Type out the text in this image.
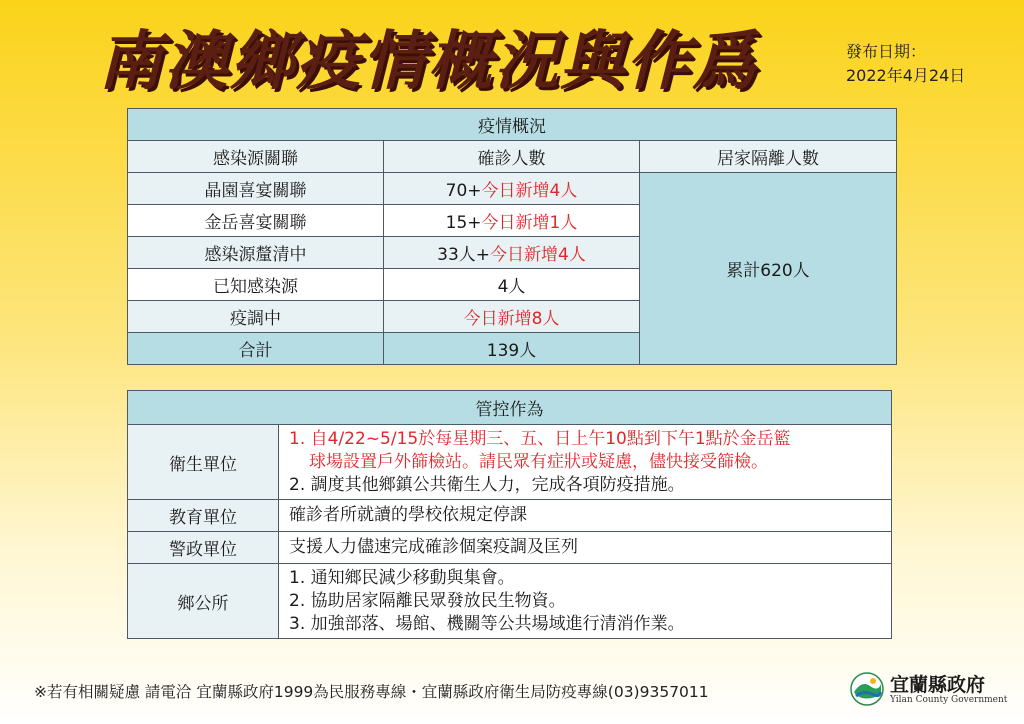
南澳鄉疫情概況與作爲	發布日期：
2022年4月24日
疫情概況		
感染源關聯	確診人數	居家隔離人數
晶園喜宴關聯	70+今日新增4人	累計620人
金岳喜宴關聯	15+今日新增1人	
感染源釐清中	33人+今日新增4人	
已知感染源	4人	
疫調中	今日新增8人	
合計	139人	
管控作為	
衛生單位	1. 自4/22~5/15於每星期三、五、日上午10點到下午1點於金岳籃
球場設置戶外篩檢站。請民眾有症狀或疑慮，儘快接受篩檢。
2. 調度其他鄉鎮公共衛生人力，完成各項防疫措施。

教育單位	確診者所就讀的學校依規定停課
警政單位	支援人力儘速完成確診個案疫調及匡列
鄉公所	1. 通知鄉民減少移動與集會。
2. 協助居家隔離民眾發放民生物資。
3. 加強部落、場館、機關等公共場域進行清消作業。
※若有相關疑慮 請電洽 宜蘭縣政府1999為民服務專線・宜蘭縣政府衛生局防疫專線(03)9357011	宜蘭縣政府
Yilan County Government
